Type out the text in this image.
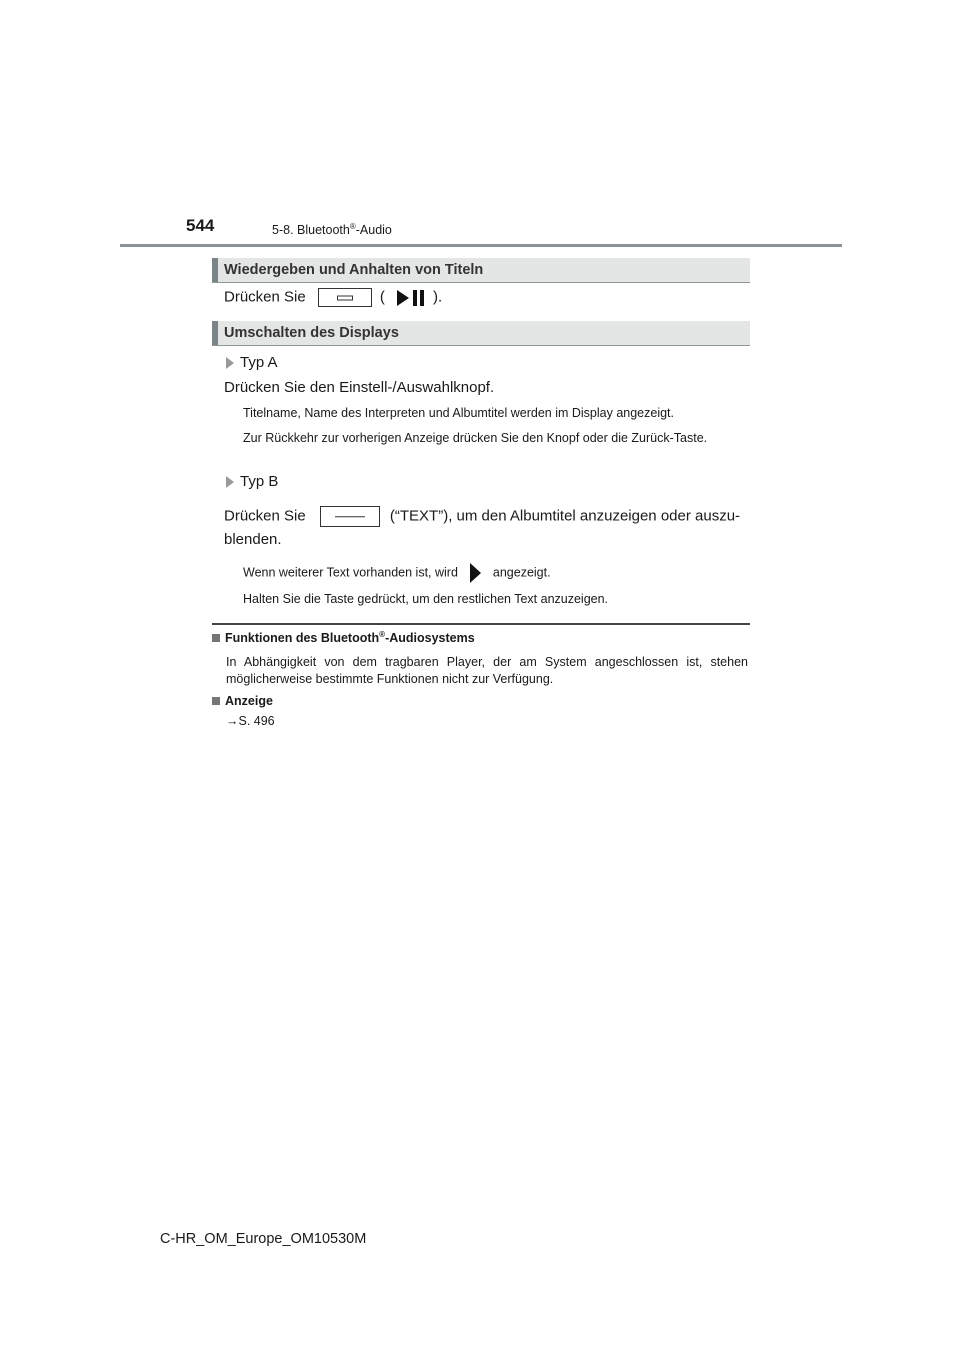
544	5-8. Bluetooth®-Audio
Wiedergeben und Anhalten von Titeln
Drücken Sie	(	).
Umschalten des Displays
Typ A
Drücken Sie den Einstell-/Auswahlknopf.
Titelname, Name des Interpreten und Albumtitel werden im Display angezeigt.
Zur Rückkehr zur vorherigen Anzeige drücken Sie den Knopf oder die Zurück-Taste.
Typ B
Drücken Sie	(“TEXT”), um den Albumtitel anzuzeigen oder auszu-
blenden.
Wenn weiterer Text vorhanden ist, wird	angezeigt.
Halten Sie die Taste gedrückt, um den restlichen Text anzuzeigen.
Funktionen des Bluetooth®-Audiosystems
In Abhängigkeit von dem tragbaren Player, der am System angeschlossen ist, stehen möglicherweise bestimmte Funktionen nicht zur Verfügung.
Anzeige
→S. 496
C-HR_OM_Europe_OM10530M
